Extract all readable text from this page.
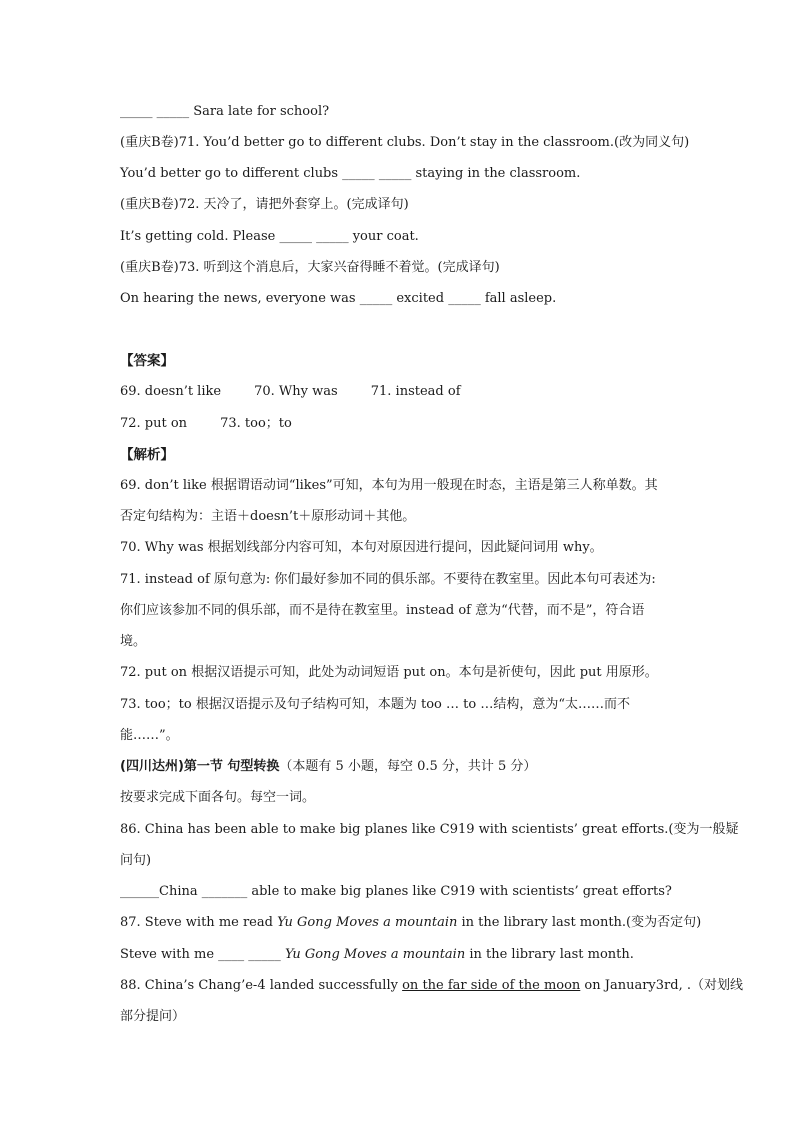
_____ _____ Sara late for school?
(重庆B卷)71. You’d better go to different clubs. Don’t stay in the classroom.(改为同义句)
You’d better go to different clubs _____ _____ staying in the classroom.
(重庆B卷)72. 天冷了，请把外套穿上。(完成译句)
It’s getting cold. Please _____ _____ your coat.
(重庆B卷)73. 听到这个消息后，大家兴奋得睡不着觉。(完成译句)
On hearing the news, everyone was _____ excited _____ fall asleep.
【答案】
69. doesn’t like        70. Why was        71. instead of
72. put on        73. too；to
【解析】
69. don’t like 根据谓语动词“likes”可知，本句为用一般现在时态，主语是第三人称单数。其
否定句结构为：主语＋doesn’t＋原形动词＋其他。
70. Why was 根据划线部分内容可知，本句对原因进行提问，因此疑问词用 why。
71. instead of 原句意为: 你们最好参加不同的俱乐部。不要待在教室里。因此本句可表述为:
你们应该参加不同的俱乐部，而不是待在教室里。instead of 意为“代替，而不是”，符合语
境。
72. put on 根据汉语提示可知，此处为动词短语 put on。本句是祈使句，因此 put 用原形。
73. too；to 根据汉语提示及句子结构可知，本题为 too … to …结构，意为“太……而不
能……”。
(四川达州)第一节 句型转换（本题有 5 小题，每空 0.5 分，共计 5 分）
按要求完成下面各句。每空一词。
86. China has been able to make big planes like C919 with scientists’ great efforts.(变为一般疑
问句)
______China _______ able to make big planes like C919 with scientists’ great efforts?
87. Steve with me read Yu Gong Moves a mountain in the library last month.(变为否定句)
Steve with me ____ _____ Yu Gong Moves a mountain in the library last month.
88. China’s Chang’e-4 landed successfully on the far side of the moon on January3rd, .（对划线
部分提问）
